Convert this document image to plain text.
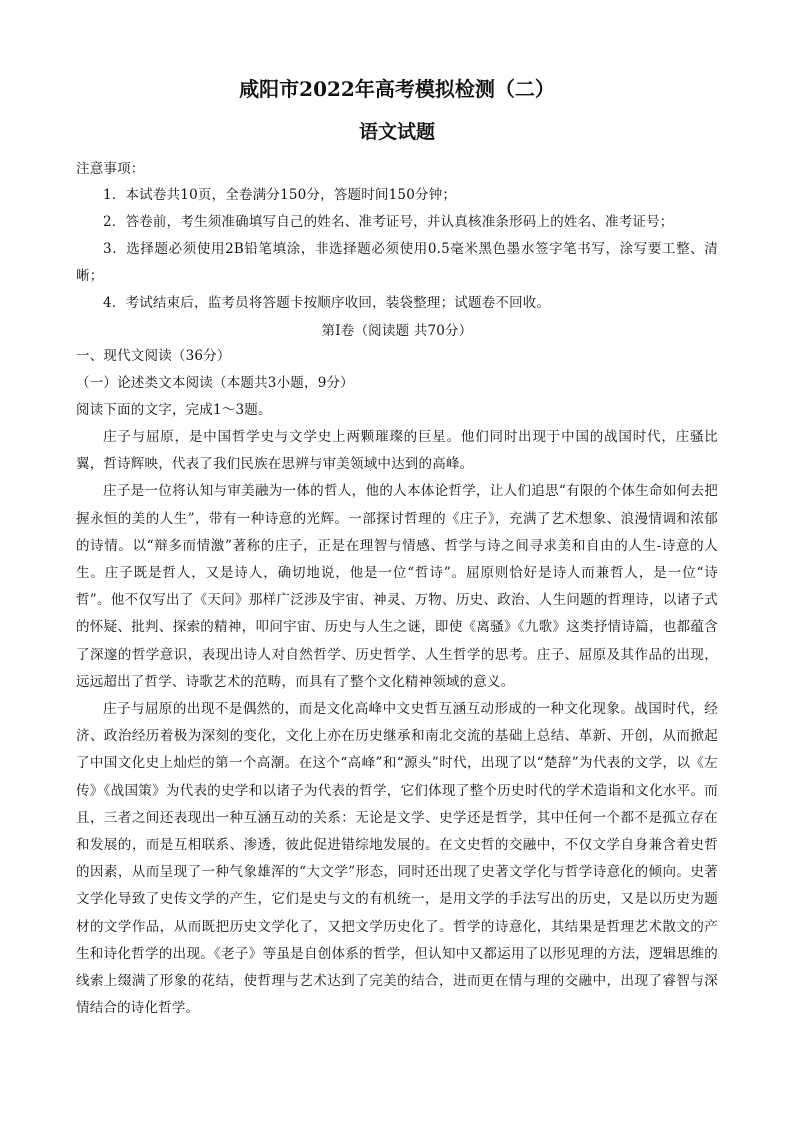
咸阳市2022年高考模拟检测（二）
语文试题

注意事项：

1．本试卷共10页，全卷满分150分，答题时间150分钟；

2．答卷前，考生须准确填写自己的姓名、准考证号，并认真核准条形码上的姓名、准考证号；

3．选择题必须使用2B铅笔填涂，非选择题必须使用0.5毫米黑色墨水签字笔书写，涂写要工整、清晰；

4．考试结束后，监考员将答题卡按顺序收回，装袋整理；试题卷不回收。

第Ⅰ卷（阅读题 共70分）

一、现代文阅读（36分）

（一）论述类文本阅读（本题共3小题，9分）

阅读下面的文字，完成1～3题。

庄子与屈原，是中国哲学史与文学史上两颗璀璨的巨星。他们同时出现于中国的战国时代，庄骚比翼，哲诗辉映，代表了我们民族在思辨与审美领域中达到的高峰。

庄子是一位将认知与审美融为一体的哲人，他的人本体论哲学，让人们追思“有限的个体生命如何去把握永恒的美的人生”，带有一种诗意的光辉。一部探讨哲理的《庄子》，充满了艺术想象、浪漫情调和浓郁的诗情。以“辩多而情激”著称的庄子，正是在理智与情感、哲学与诗之间寻求美和自由的人生-诗意的人生。庄子既是哲人，又是诗人，确切地说，他是一位“哲诗”。屈原则恰好是诗人而兼哲人，是一位“诗哲”。他不仅写出了《天问》那样广泛涉及宇宙、神灵、万物、历史、政治、人生问题的哲理诗，以诸子式的怀疑、批判、探索的精神，叩问宇宙、历史与人生之谜，即使《离骚》《九歌》这类抒情诗篇，也都蕴含了深邃的哲学意识，表现出诗人对自然哲学、历史哲学、人生哲学的思考。庄子、屈原及其作品的出现，远远超出了哲学、诗歌艺术的范畴，而具有了整个文化精神领域的意义。

庄子与屈原的出现不是偶然的，而是文化高峰中文史哲互涵互动形成的一种文化现象。战国时代，经济、政治经历着极为深刻的变化，文化上亦在历史继承和南北交流的基础上总结、革新、开创，从而掀起了中国文化史上灿烂的第一个高潮。在这个“高峰”和“源头”时代，出现了以“楚辞”为代表的文学，以《左传》《战国策》为代表的史学和以诸子为代表的哲学，它们体现了整个历史时代的学术造诣和文化水平。而且，三者之间还表现出一种互涵互动的关系：无论是文学、史学还是哲学，其中任何一个都不是孤立存在和发展的，而是互相联系、渗透，彼此促进错综地发展的。在文史哲的交融中，不仅文学自身兼含着史哲的因素，从而呈现了一种气象雄浑的“大文学”形态，同时还出现了史著文学化与哲学诗意化的倾向。史著文学化导致了史传文学的产生，它们是史与文的有机统一，是用文学的手法写出的历史，又是以历史为题材的文学作品，从而既把历史文学化了，又把文学历史化了。哲学的诗意化，其结果是哲理艺术散文的产生和诗化哲学的出现。《老子》等虽是自创体系的哲学，但认知中又都运用了以形见理的方法，逻辑思维的线索上缀满了形象的花结，使哲理与艺术达到了完美的结合，进而更在情与理的交融中，出现了睿智与深情结合的诗化哲学。
